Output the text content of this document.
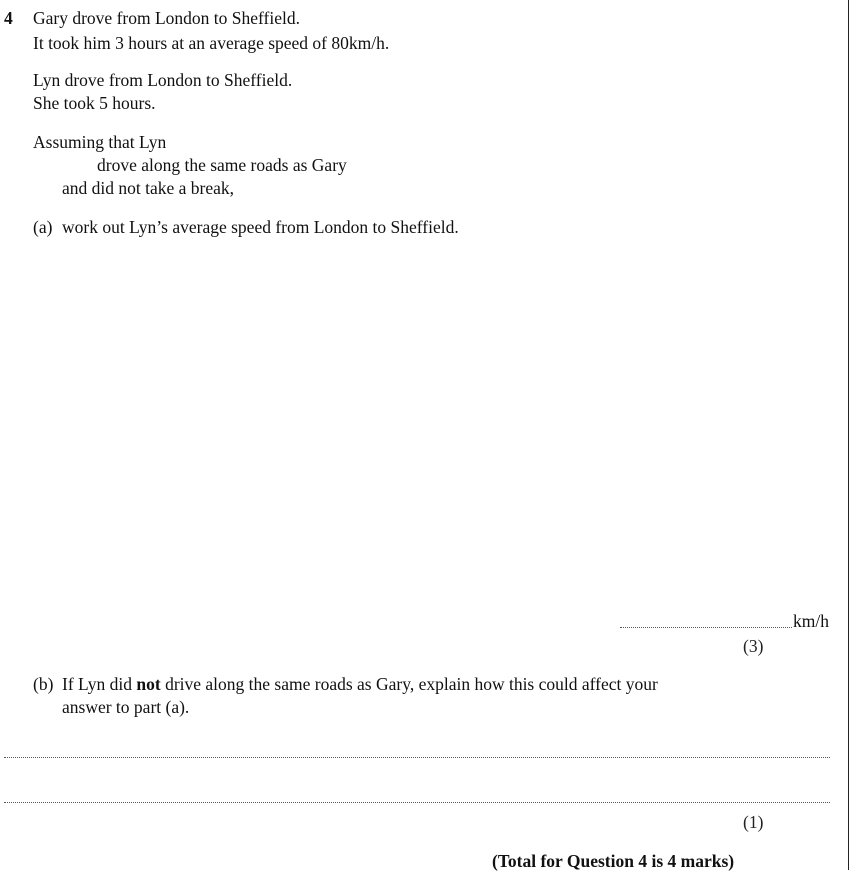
4 Gary drove from London to Sheffield.
It took him 3 hours at an average speed of 80km/h.
Lyn drove from London to Sheffield.
She took 5 hours.
Assuming that Lyn
drove along the same roads as Gary
and did not take a break,
(a) work out Lyn’s average speed from London to Sheffield.
km/h
(3)
(b) If Lyn did not drive along the same roads as Gary, explain how this could affect your
answer to part (a).
(1)
(Total for Question 4 is 4 marks)
